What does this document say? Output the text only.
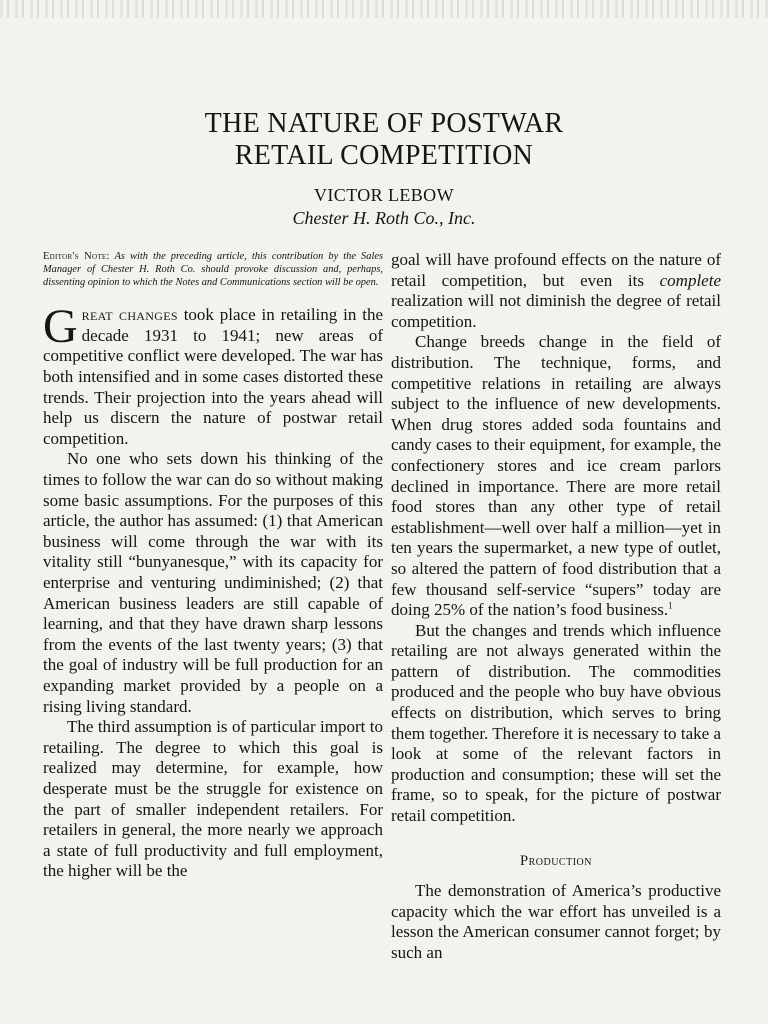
THE NATURE OF POSTWAR
RETAIL COMPETITION
VICTOR LEBOW
Chester H. Roth Co., Inc.

Editor's Note: As with the preceding article, this contribution by the Sales Manager of Chester H. Roth Co. should provoke discussion and, perhaps, dissenting opinion to which the Notes and Communications section will be open.

Great changes took place in retailing in the decade 1931 to 1941; new areas of competitive conflict were developed. The war has both intensified and in some cases distorted these trends. Their projection into the years ahead will help us discern the nature of postwar retail competition.

No one who sets down his thinking of the times to follow the war can do so without making some basic assumptions. For the purposes of this article, the author has assumed: (1) that American business will come through the war with its vitality still “bunyanesque,” with its capacity for enterprise and venturing undiminished; (2) that American business leaders are still capable of learning, and that they have drawn sharp lessons from the events of the last twenty years; (3) that the goal of industry will be full production for an expanding market provided by a people on a rising living standard.

The third assumption is of particular import to retailing. The degree to which this goal is realized may determine, for example, how desperate must be the struggle for existence on the part of smaller independent retailers. For retailers in general, the more nearly we approach a state of full productivity and full employment, the higher will be the

goal will have profound effects on the nature of retail competition, but even its complete realization will not diminish the degree of retail competition.

Change breeds change in the field of distribution. The technique, forms, and competitive relations in retailing are always subject to the influence of new developments. When drug stores added soda fountains and candy cases to their equipment, for example, the confectionery stores and ice cream parlors declined in importance. There are more retail food stores than any other type of retail establishment—well over half a million—yet in ten years the supermarket, a new type of outlet, so altered the pattern of food distribution that a few thousand self-service “supers” today are doing 25% of the nation’s food business.$^1$

But the changes and trends which influence retailing are not always generated within the pattern of distribution. The commodities produced and the people who buy have obvious effects on distribution, which serves to bring them together. Therefore it is necessary to take a look at some of the relevant factors in production and consumption; these will set the frame, so to speak, for the picture of postwar retail competition.

Production

The demonstration of America’s productive capacity which the war effort has unveiled is a lesson the American consumer cannot forget; by such an
